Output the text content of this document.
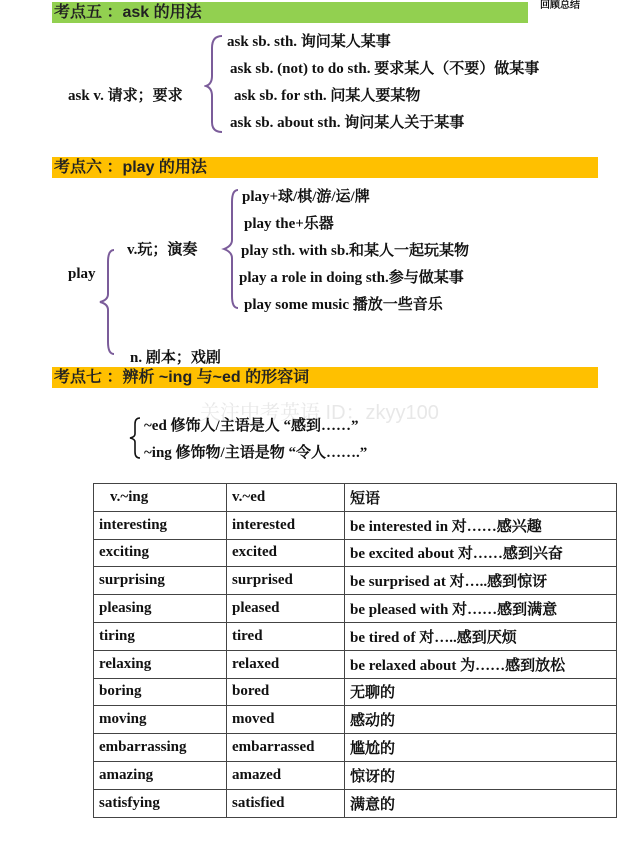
回顾总结
考点五 ：ask 的用法
ask v. 请求；要求
ask sb. sth. 询问某人某事
ask sb. (not) to do sth. 要求某人（不要）做某事
ask sb. for sth. 问某人要某物
ask sb. about sth. 询问某人关于某事
考点六 ：play 的用法
play
v.玩；演奏
n. 剧本；戏剧
play+球/棋/游/运/牌
play the+乐器
play sth. with sb.和某人一起玩某物
play a role in doing sth.参与做某事
play some music 播放一些音乐
考点七 ：辨析 ~ing 与~ed 的形容词
关注中考英语 ID：zkyy100
~ed 修饰人/主语是人 “感到……”
~ing 修饰物/主语是物 “令人…….”
v.~ing	v.~ed	短语
interesting	interested	be interested in 对……感兴趣
exciting	excited	be excited about 对……感到兴奋
surprising	surprised	be surprised at 对…..感到惊讶
pleasing	pleased	be pleased with 对……感到满意
tiring	tired	be tired of 对…..感到厌烦
relaxing	relaxed	be relaxed about 为……感到放松
boring	bored	无聊的
moving	moved	感动的
embarrassing	embarrassed	尴尬的
amazing	amazed	惊讶的
satisfying	satisfied	满意的
